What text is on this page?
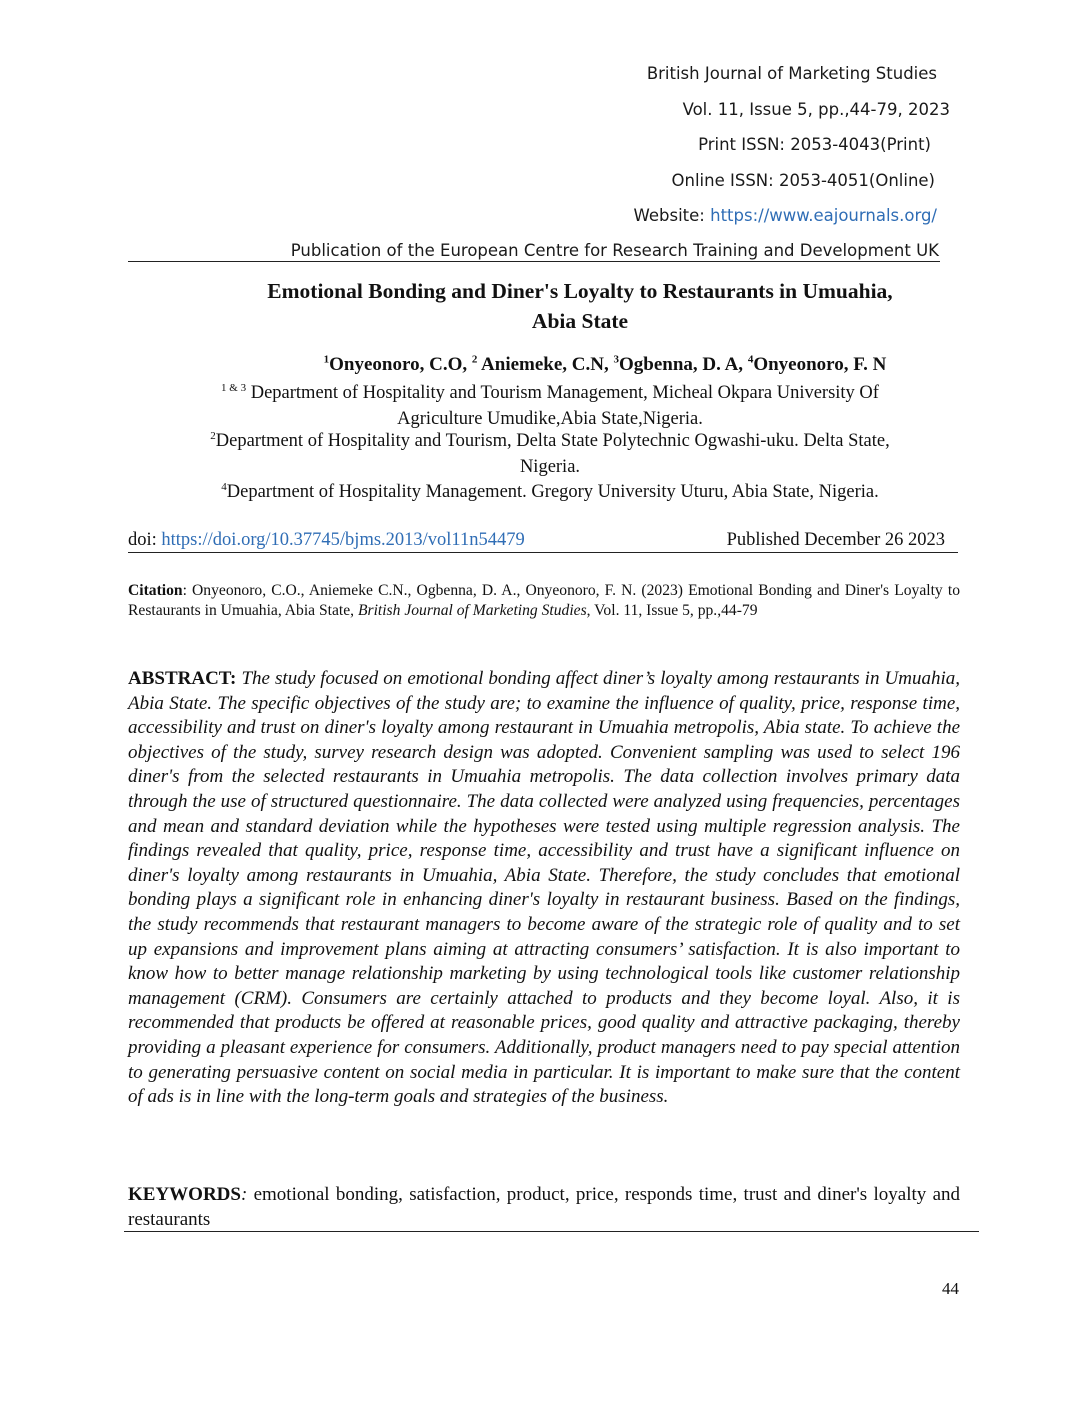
British Journal of Marketing Studies
Vol. 11, Issue 5, pp.,44-79, 2023
Print ISSN: 2053-4043(Print)
Online ISSN: 2053-4051(Online)
Website: https://www.eajournals.org/
Publication of the European Centre for Research Training and Development UK
Emotional Bonding and Diner's Loyalty to Restaurants in Umuahia,
Abia State
$^1$Onyeonoro, C.O, $^2$ Aniemeke, C.N, $^3$Ogbenna, D. A, $^4$Onyeonoro, F. N
$^{1 \& 3}$ Department of Hospitality and Tourism Management, Micheal Okpara University Of
Agriculture Umudike,Abia State,Nigeria.
$^2$Department of Hospitality and Tourism, Delta State Polytechnic Ogwashi-uku. Delta State,
Nigeria.
$^4$Department of Hospitality Management. Gregory University Uturu, Abia State, Nigeria.
doi: https://doi.org/10.37745/bjms.2013/vol11n54479	Published December 26 2023
Citation: Onyeonoro, C.O., Aniemeke C.N., Ogbenna, D. A., Onyeonoro, F. N. (2023) Emotional Bonding and Diner's Loyalty to Restaurants in Umuahia, Abia State, British Journal of Marketing Studies, Vol. 11, Issue 5, pp.,44-79
ABSTRACT: The study focused on emotional bonding affect diner’s loyalty among restaurants in Umuahia, Abia State. The specific objectives of the study are; to examine the influence of quality, price, response time, accessibility and trust on diner's loyalty among restaurant in Umuahia metropolis, Abia state. To achieve the objectives of the study, survey research design was adopted. Convenient sampling was used to select 196 diner's from the selected restaurants in Umuahia metropolis. The data collection involves primary data through the use of structured questionnaire. The data collected were analyzed using frequencies, percentages and mean and standard deviation while the hypotheses were tested using multiple regression analysis. The findings revealed that quality, price, response time, accessibility and trust have a significant influence on diner's loyalty among restaurants in Umuahia, Abia State. Therefore, the study concludes that emotional bonding plays a significant role in enhancing diner's loyalty in restaurant business. Based on the findings, the study recommends that restaurant managers to become aware of the strategic role of quality and to set up expansions and improvement plans aiming at attracting consumers’ satisfaction. It is also important to know how to better manage relationship marketing by using technological tools like customer relationship management (CRM). Consumers are certainly attached to products and they become loyal. Also, it is recommended that products be offered at reasonable prices, good quality and attractive packaging, thereby providing a pleasant experience for consumers. Additionally, product managers need to pay special attention to generating persuasive content on social media in particular. It is important to make sure that the content of ads is in line with the long-term goals and strategies of the business.
KEYWORDS: emotional bonding, satisfaction, product, price, responds time, trust and diner's loyalty and restaurants
44
